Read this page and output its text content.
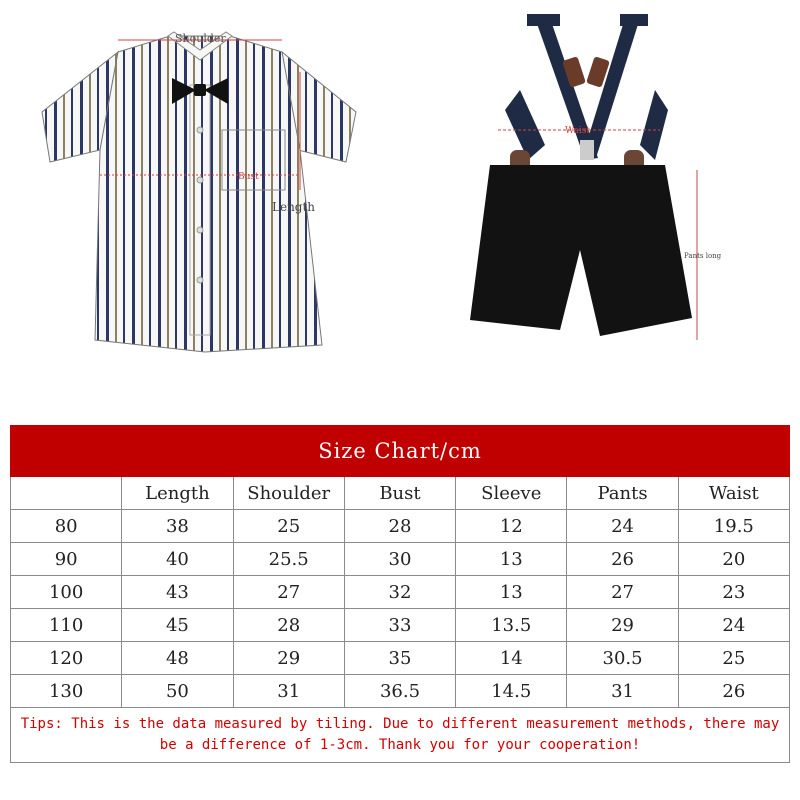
Shoulder
Bust
Length
Waist
Pants long
Size Chart/cm						
	Length	Shoulder	Bust	Sleeve	Pants	Waist
80	38	25	28	12	24	19.5
90	40	25.5	30	13	26	20
100	43	27	32	13	27	23
110	45	28	33	13.5	29	24
120	48	29	35	14	30.5	25
130	50	31	36.5	14.5	31	26
Tips: This is the data measured by tiling. Due to different measurement methods, there may be a difference of 1-3cm. Thank you for your cooperation!						
